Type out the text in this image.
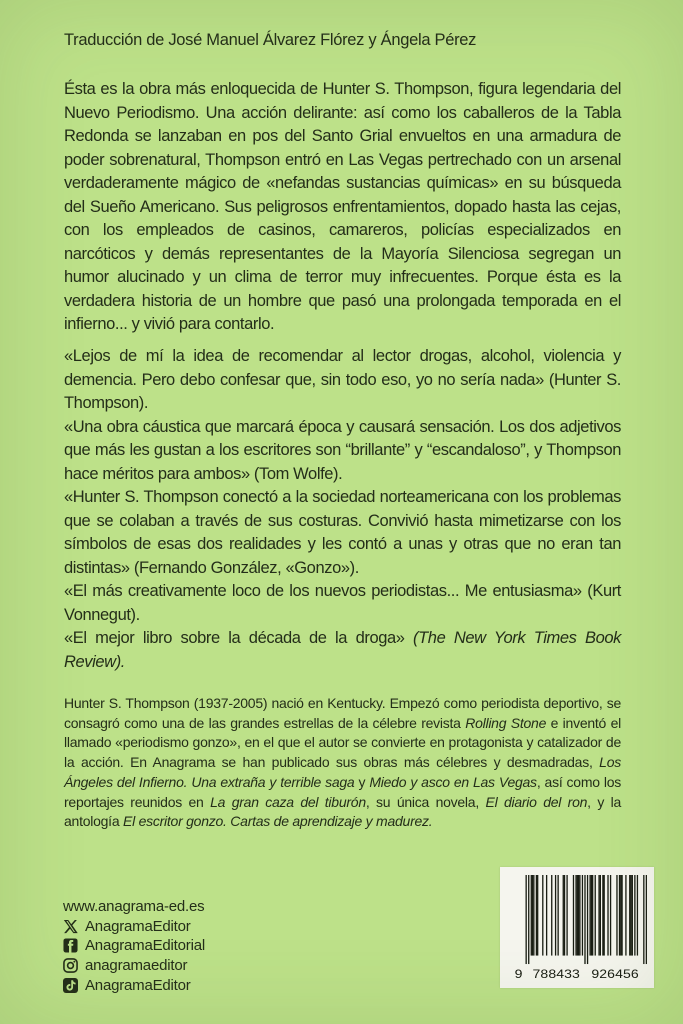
Traducción de José Manuel Álvarez Flórez y Ángela Pérez
Ésta es la obra más enloquecida de Hunter S. Thompson, figura legendaria del Nuevo Periodismo. Una acción delirante: así como los caballeros de la Tabla Redonda se lanzaban en pos del Santo Grial envueltos en una armadura de poder sobrenatural, Thompson entró en Las Vegas pertrechado con un arsenal verdaderamente mágico de «nefandas sustancias químicas» en su búsqueda del Sueño Americano. Sus peligrosos enfrentamientos, dopado hasta las cejas, con los empleados de casinos, camareros, policías especializados en narcóticos y demás representantes de la Mayoría Silenciosa segregan un humor alucinado y un clima de terror muy infrecuentes. Porque ésta es la verdadera historia de un hombre que pasó una prolongada temporada en el infierno... y vivió para contarlo.

«Lejos de mí la idea de recomendar al lector drogas, alcohol, violencia y demencia. Pero debo confesar que, sin todo eso, yo no sería nada» (Hunter S. Thompson).

«Una obra cáustica que marcará época y causará sensación. Los dos adjetivos que más les gustan a los escritores son “brillante” y “escandaloso”, y Thompson hace méritos para ambos» (Tom Wolfe).

«Hunter S. Thompson conectó a la sociedad norteamericana con los problemas que se colaban a través de sus costuras. Convivió hasta mimetizarse con los símbolos de esas dos realidades y les contó a unas y otras que no eran tan distintas» (Fernando González, «Gonzo»).

«El más creativamente loco de los nuevos periodistas... Me entusiasma» (Kurt Vonnegut).

«El mejor libro sobre la década de la droga» (The New York Times Book Review).

Hunter S. Thompson (1937-2005) nació en Kentucky. Empezó como periodista deportivo, se consagró como una de las grandes estrellas de la célebre revista Rolling Stone e inventó el llamado «periodismo gonzo», en el que el autor se convierte en protagonista y catalizador de la acción. En Anagrama se han publicado sus obras más célebres y desmadradas, Los Ángeles del Infierno. Una extraña y terrible saga y Miedo y asco en Las Vegas, así como los reportajes reunidos en La gran caza del tiburón, su única novela, El diario del ron, y la antología El escritor gonzo. Cartas de aprendizaje y madurez.
www.anagrama-ed.es
AnagramaEditor
AnagramaEditorial
anagramaeditor
AnagramaEditor
9 788433 926456
